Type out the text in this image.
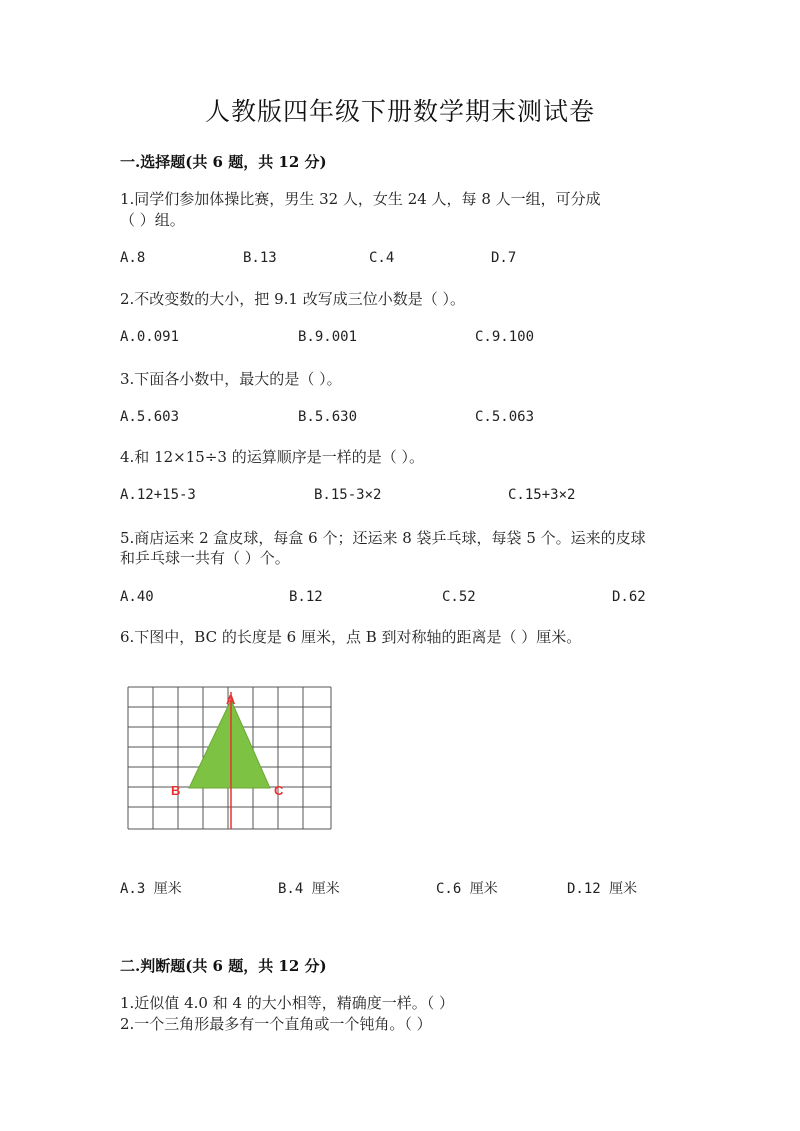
人教版四年级下册数学期末测试卷
一.选择题(共 6 题，共 12 分)
1.同学们参加体操比赛，男生 32 人，女生 24 人，每 8 人一组，可分成
（ ）组。
A.8	B.13	C.4	D.7
2.不改变数的大小，把 9.1 改写成三位小数是（ ）。
A.0.091	B.9.001	C.9.100
3.下面各小数中，最大的是（ ）。
A.5.603	B.5.630	C.5.063
4.和 12×15÷3 的运算顺序是一样的是（ ）。
A.12+15-3	B.15-3×2	C.15+3×2
5.商店运来 2 盒皮球，每盒 6 个；还运来 8 袋乒乓球，每袋 5 个。运来的皮球
和乒乓球一共有（ ）个。
A.40	B.12	C.52	D.62
6.下图中，BC 的长度是 6 厘米，点 B 到对称轴的距离是（ ）厘米。
A
B	C
A.3 厘米	B.4 厘米	C.6 厘米	D.12 厘米
二.判断题(共 6 题，共 12 分)
1.近似值 4.0 和 4 的大小相等，精确度一样。（ ）
2.一个三角形最多有一个直角或一个钝角。（ ）
